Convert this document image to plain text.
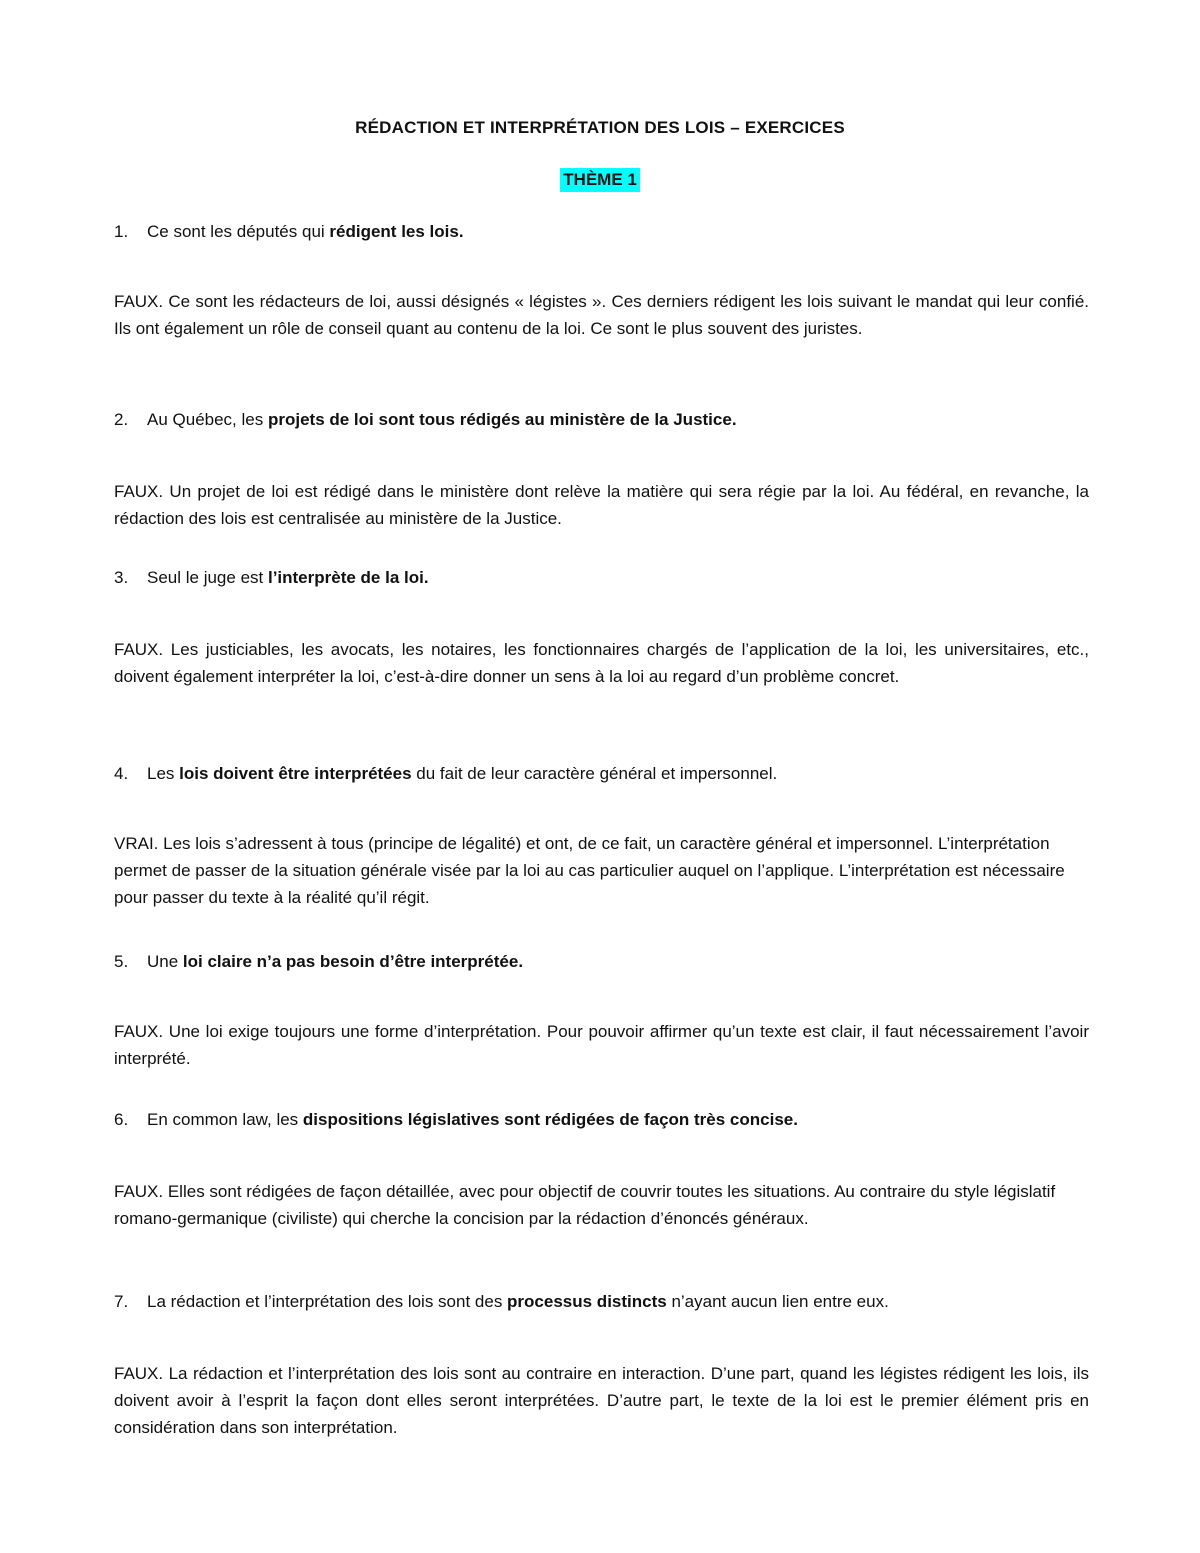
RÉDACTION ET INTERPRÉTATION DES LOIS – EXERCICES
THÈME 1
1. Ce sont les députés qui rédigent les lois.
FAUX. Ce sont les rédacteurs de loi, aussi désignés « légistes ». Ces derniers rédigent les lois suivant le mandat qui leur confié. Ils ont également un rôle de conseil quant au contenu de la loi. Ce sont le plus souvent des juristes.
2. Au Québec, les projets de loi sont tous rédigés au ministère de la Justice.
FAUX. Un projet de loi est rédigé dans le ministère dont relève la matière qui sera régie par la loi. Au fédéral, en revanche, la rédaction des lois est centralisée au ministère de la Justice.
3. Seul le juge est l’interprète de la loi.
FAUX. Les justiciables, les avocats, les notaires, les fonctionnaires chargés de l’application de la loi, les universitaires, etc., doivent également interpréter la loi, c’est-à-dire donner un sens à la loi au regard d’un problème concret.
4. Les lois doivent être interprétées du fait de leur caractère général et impersonnel.
VRAI. Les lois s’adressent à tous (principe de légalité) et ont, de ce fait, un caractère général et impersonnel. L’interprétation permet de passer de la situation générale visée par la loi au cas particulier auquel on l’applique. L’interprétation est nécessaire pour passer du texte à la réalité qu’il régit.
5. Une loi claire n’a pas besoin d’être interprétée.
FAUX. Une loi exige toujours une forme d’interprétation. Pour pouvoir affirmer qu’un texte est clair, il faut nécessairement l’avoir interprété.
6. En common law, les dispositions législatives sont rédigées de façon très concise.
FAUX. Elles sont rédigées de façon détaillée, avec pour objectif de couvrir toutes les situations. Au contraire du style législatif romano-germanique (civiliste) qui cherche la concision par la rédaction d’énoncés généraux.
7. La rédaction et l’interprétation des lois sont des processus distincts n’ayant aucun lien entre eux.
FAUX. La rédaction et l’interprétation des lois sont au contraire en interaction. D’une part, quand les légistes rédigent les lois, ils doivent avoir à l’esprit la façon dont elles seront interprétées. D’autre part, le texte de la loi est le premier élément pris en considération dans son interprétation.
